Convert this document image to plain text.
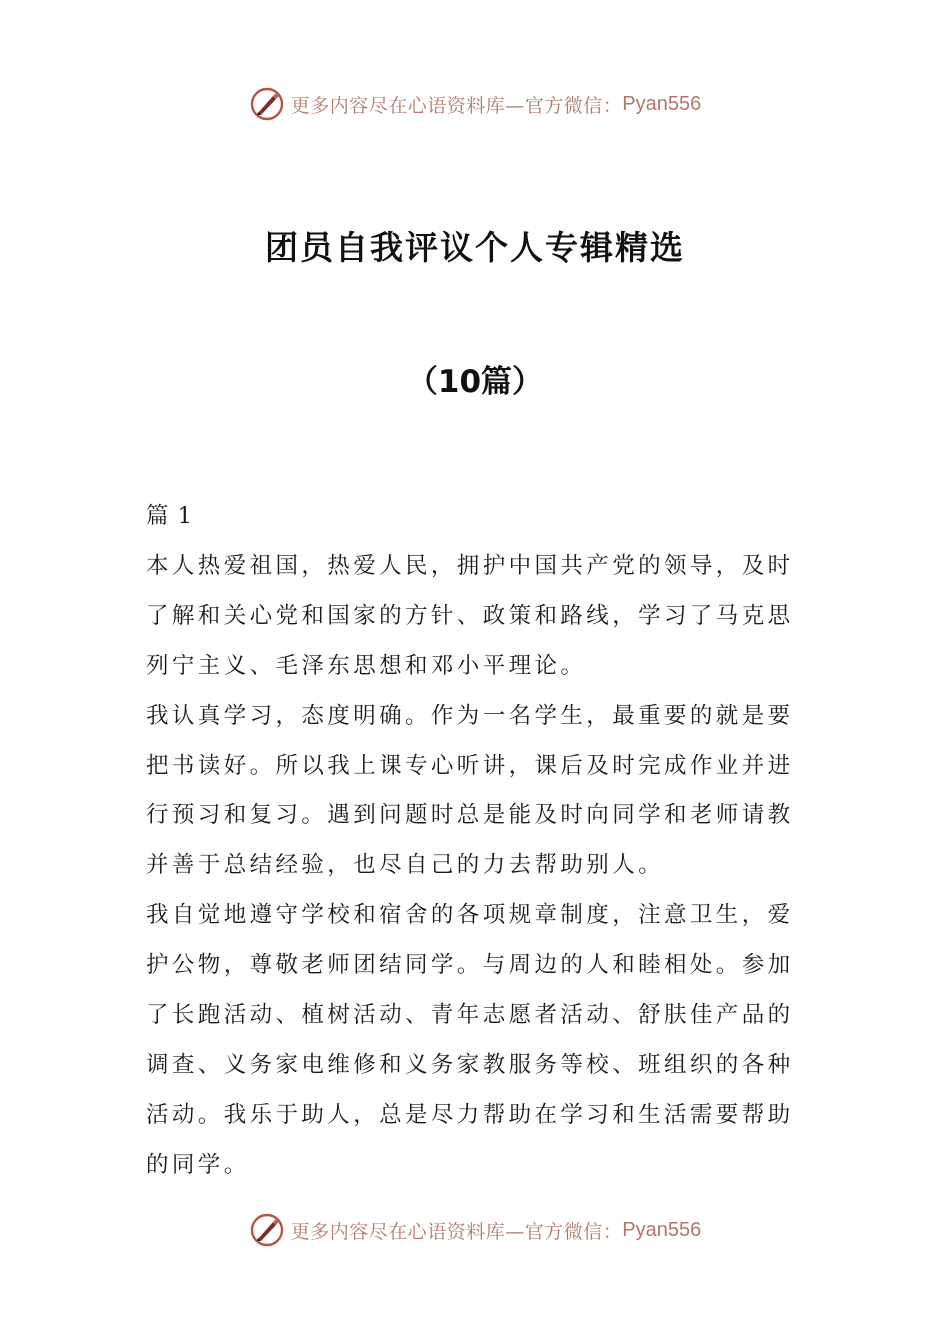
更多内容尽在心语资料库—官方微信： Pyan556
团员自我评议个人专辑精选
（10篇）

篇 1

本人热爱祖国，热爱人民，拥护中国共产党的领导，及时了解和关心党和国家的方针、政策和路线，学习了马克思列宁主义、毛泽东思想和邓小平理论。

我认真学习，态度明确。作为一名学生，最重要的就是要把书读好。所以我上课专心听讲，课后及时完成作业并进行预习和复习。遇到问题时总是能及时向同学和老师请教并善于总结经验，也尽自己的力去帮助别人。

我自觉地遵守学校和宿舍的各项规章制度，注意卫生，爱护公物，尊敬老师团结同学。与周边的人和睦相处。参加了长跑活动、植树活动、青年志愿者活动、舒肤佳产品的调查、义务家电维修和义务家教服务等校、班组织的各种活动。我乐于助人，总是尽力帮助在学习和生活需要帮助的同学。

更多内容尽在心语资料库—官方微信： Pyan556
